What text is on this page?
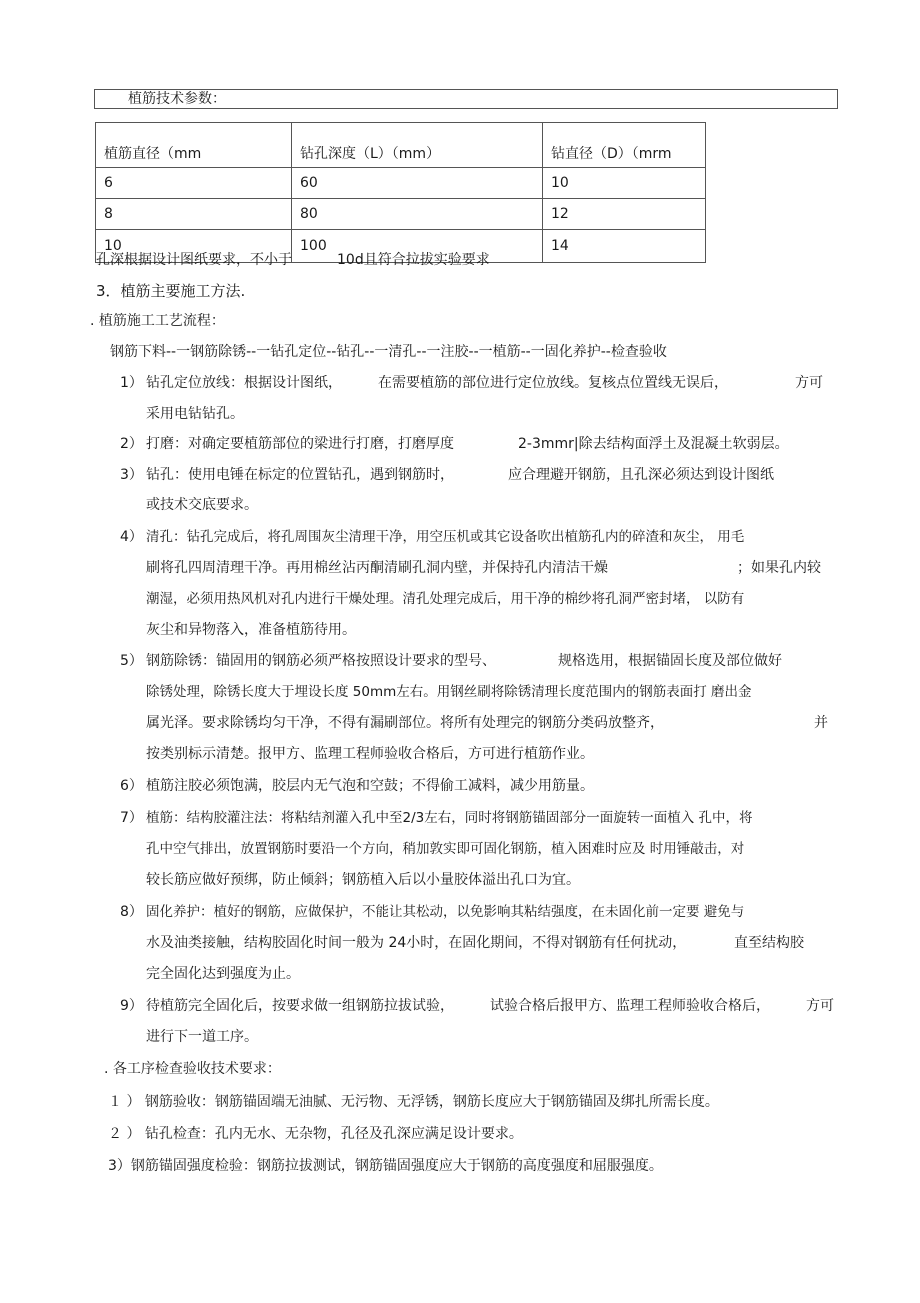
植筋技术参数：
植筋直径（mm	钻孔深度（L）（mm）	钻直径（D）（mrm
6	60	10
8	80	12
10	100	14
孔深根据设计图纸要求，不小于	10d且符合拉拔实验要求
3．植筋主要施工方法.
. 植筋施工工艺流程：
钢筋下料--一钢筋除锈--一钻孔定位--钻孔--一清孔--一注胶--一植筋--一固化养护--检查验收
1） 钻孔定位放线：根据设计图纸，	在需要植筋的部位进行定位放线。复核点位置线无误后，	方可
采用电钻钻孔。
2） 打磨：对确定要植筋部位的梁进行打磨，打磨厚度	2-3mmr|除去结构面浮土及混凝土软弱层。
3） 钻孔：使用电锤在标定的位置钻孔，遇到钢筋时，	应合理避开钢筋，且孔深必须达到设计图纸
或技术交底要求。
4） 清孔：钻孔完成后，将孔周围灰尘清理干净，用空压机或其它设备吹出植筋孔内的碎渣和灰尘， 用毛
刷将孔四周清理干净。再用棉丝沾丙酮清刷孔洞内壁，并保持孔内清洁干燥	；如果孔内较
潮湿，必须用热风机对孔内进行干燥处理。清孔处理完成后，用干净的棉纱将孔洞严密封堵， 以防有
灰尘和异物落入，准备植筋待用。
5） 钢筋除锈：锚固用的钢筋必须严格按照设计要求的型号、	规格选用，根据锚固长度及部位做好
除锈处理，除锈长度大于埋设长度 50mm左右。用钢丝刷将除锈清理长度范围内的钢筋表面打 磨出金
属光泽。要求除锈均匀干净，不得有漏刷部位。将所有处理完的钢筋分类码放整齐，	并
按类别标示清楚。报甲方、监理工程师验收合格后，方可进行植筋作业。
6） 植筋注胶必须饱满，胶层内无气泡和空鼓；不得偷工减料，减少用筋量。
7） 植筋：结构胶灌注法：将粘结剂灌入孔中至2/3左右，同时将钢筋锚固部分一面旋转一面植入 孔中，将
孔中空气排出，放置钢筋时要沿一个方向，稍加敦实即可固化钢筋，植入困难时应及 时用锤敲击，对
较长筋应做好预绑，防止倾斜；钢筋植入后以小量胶体溢出孔口为宜。
8） 固化养护：植好的钢筋，应做保护，不能让其松动，以免影响其粘结强度，在未固化前一定要 避免与
水及油类接触，结构胶固化时间一般为 24小时，在固化期间，不得对钢筋有任何扰动，	直至结构胶
完全固化达到强度为止。
9） 待植筋完全固化后，按要求做一组钢筋拉拔试验，	试验合格后报甲方、监理工程师验收合格后，	方可
进行下一道工序。
. 各工序检查验收技术要求：
１ ） 钢筋验收：钢筋锚固端无油腻、无污物、无浮锈，钢筋长度应大于钢筋锚固及绑扎所需长度。
２ ） 钻孔检查：孔内无水、无杂物，孔径及孔深应满足设计要求。
3）钢筋锚固强度检验：钢筋拉拔测试，钢筋锚固强度应大于钢筋的高度强度和屈服强度。
